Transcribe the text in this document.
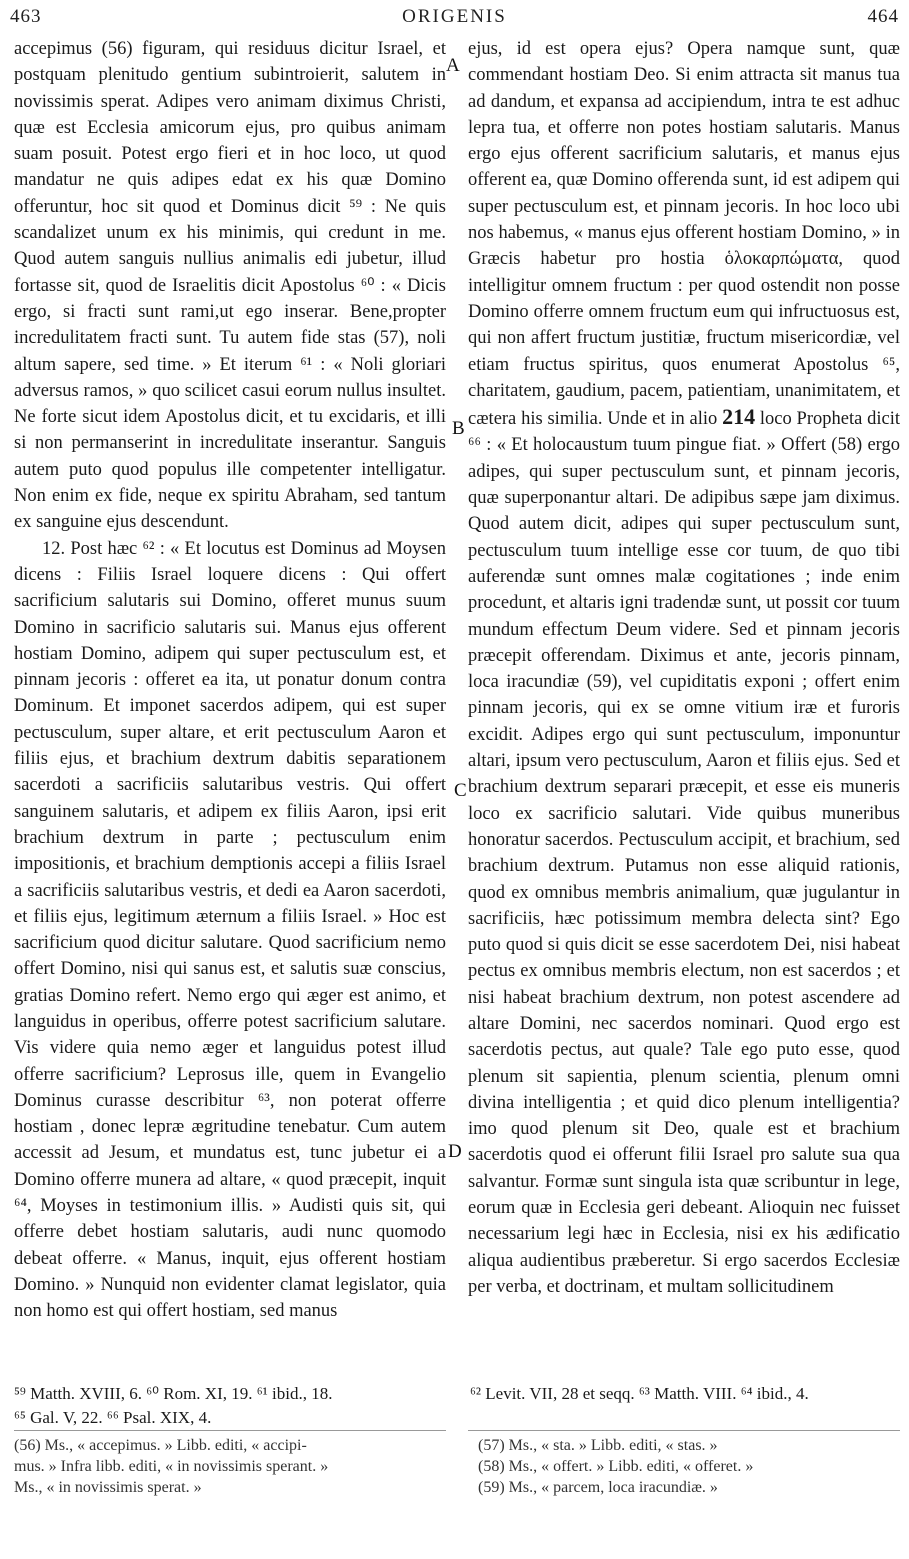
463	ORIGENIS	464

accepimus (56) figuram, qui residuus dicitur Israel, et postquam plenitudo gentium subintroierit, salutem in novissimis sperat. Adipes vero animam diximus Christi, quæ est Ecclesia amicorum ejus, pro quibus animam suam posuit. Potest ergo fieri et in hoc loco, ut quod mandatur ne quis adipes edat ex his quæ Domino offeruntur, hoc sit quod et Dominus dicit ⁵⁹ : Ne quis scandalizet unum ex his minimis, qui credunt in me. Quod autem sanguis nullius animalis edi jubetur, illud fortasse sit, quod de Israelitis dicit Apostolus ⁶⁰ : « Dicis ergo, si fracti sunt rami,ut ego inserar. Bene,propter incredulitatem fracti sunt. Tu autem fide stas (57), noli altum sapere, sed time. » Et iterum ⁶¹ : « Noli gloriari adversus ramos, » quo scilicet casui eorum nullus insultet. Ne forte sicut idem Apostolus dicit, et tu excidaris, et illi si non permanserint in incredulitate inserantur. Sanguis autem puto quod populus ille competenter intelligatur. Non enim ex fide, neque ex spiritu Abraham, sed tantum ex sanguine ejus descendunt.

12. Post hæc ⁶² : « Et locutus est Dominus ad Moysen dicens : Filiis Israel loquere dicens : Qui offert sacrificium salutaris sui Domino, offeret munus suum Domino in sacrificio salutaris sui. Manus ejus offerent hostiam Domino, adipem qui super pectusculum est, et pinnam jecoris : offeret ea ita, ut ponatur donum contra Dominum. Et imponet sacerdos adipem, qui est super pectusculum, super altare, et erit pectusculum Aaron et filiis ejus, et brachium dextrum dabitis separationem sacerdoti a sacrificiis salutaribus vestris. Qui offert sanguinem salutaris, et adipem ex filiis Aaron, ipsi erit brachium dextrum in parte ; pectusculum enim impositionis, et brachium demptionis accepi a filiis Israel a sacrificiis salutaribus vestris, et dedi ea Aaron sacerdoti, et filiis ejus, legitimum æternum a filiis Israel. » Hoc est sacrificium quod dicitur salutare. Quod sacrificium nemo offert Domino, nisi qui sanus est, et salutis suæ conscius, gratias Domino refert. Nemo ergo qui æger est animo, et languidus in operibus, offerre potest sacrificium salutare. Vis videre quia nemo æger et languidus potest illud offerre sacrificium? Leprosus ille, quem in Evangelio Dominus curasse describitur ⁶³, non poterat offerre hostiam , donec lepræ ægritudine tenebatur. Cum autem accessit ad Jesum, et mundatus est, tunc jubetur ei a Domino offerre munera ad altare, « quod præcepit, inquit ⁶⁴, Moyses in testimonium illis. » Audisti quis sit, qui offerre debet hostiam salutaris, audi nunc quomodo debeat offerre. « Manus, inquit, ejus offerent hostiam Domino. » Nunquid non evidenter clamat legislator, quia non homo est qui offert hostiam, sed manus

ejus, id est opera ejus? Opera namque sunt, quæ commendant hostiam Deo. Si enim attracta sit manus tua ad dandum, et expansa ad accipiendum, intra te est adhuc lepra tua, et offerre non potes hostiam salutaris. Manus ergo ejus offerent sacrificium salutaris, et manus ejus offerent ea, quæ Domino offerenda sunt, id est adipem qui super pectusculum est, et pinnam jecoris. In hoc loco ubi nos habemus, « manus ejus offerent hostiam Domino, » in Græcis habetur pro hostia ὁλοκαρπώματα, quod intelligitur omnem fructum : per quod ostendit non posse Domino offerre omnem fructum eum qui infructuosus est, qui non affert fructum justitiæ, fructum misericordiæ, vel etiam fructus spiritus, quos enumerat Apostolus ⁶⁵, charitatem, gaudium, pacem, patientiam, unanimitatem, et cætera his similia. Unde et in alio 214 loco Propheta dicit ⁶⁶ : « Et holocaustum tuum pingue fiat. » Offert (58) ergo adipes, qui super pectusculum sunt, et pinnam jecoris, quæ superponantur altari. De adipibus sæpe jam diximus. Quod autem dicit, adipes qui super pectusculum sunt, pectusculum tuum intellige esse cor tuum, de quo tibi auferendæ sunt omnes malæ cogitationes ; inde enim procedunt, et altaris igni tradendæ sunt, ut possit cor tuum mundum effectum Deum videre. Sed et pinnam jecoris præcepit offerendam. Diximus et ante, jecoris pinnam, loca iracundiæ (59), vel cupiditatis exponi ; offert enim pinnam jecoris, qui ex se omne vitium iræ et furoris excidit. Adipes ergo qui sunt pectusculum, imponuntur altari, ipsum vero pectusculum, Aaron et filiis ejus. Sed et brachium dextrum separari præcepit, et esse eis muneris loco ex sacrificio salutari. Vide quibus muneribus honoratur sacerdos. Pectusculum accipit, et brachium, sed brachium dextrum. Putamus non esse aliquid rationis, quod ex omnibus membris animalium, quæ jugulantur in sacrificiis, hæc potissimum membra delecta sint? Ego puto quod si quis dicit se esse sacerdotem Dei, nisi habeat pectus ex omnibus membris electum, non est sacerdos ; et nisi habeat brachium dextrum, non potest ascendere ad altare Domini, nec sacerdos nominari. Quod ergo est sacerdotis pectus, aut quale? Tale ego puto esse, quod plenum sit sapientia, plenum scientia, plenum omni divina intelligentia ; et quid dico plenum intelligentia? imo quod plenum sit Deo, quale est et brachium sacerdotis quod ei offerunt filii Israel pro salute sua qua salvantur. Formæ sunt singula ista quæ scribuntur in lege, eorum quæ in Ecclesia geri debeant. Alioquin nec fuisset necessarium legi hæc in Ecclesia, nisi ex his ædificatio aliqua audientibus præberetur. Si ergo sacerdos Ecclesiæ per verba, et doctrinam, et multam sollicitudinem

A
B
C
D
⁵⁹ Matth. XVIII, 6. ⁶⁰ Rom. XI, 19. ⁶¹ ibid., 18.
⁶⁵ Gal. V, 22. ⁶⁶ Psal. XIX, 4.
⁶² Levit. VII, 28 et seqq. ⁶³ Matth. VIII. ⁶⁴ ibid., 4.
(56) Ms., « accepimus. » Libb. editi, « accipi-
mus. » Infra libb. editi, « in novissimis sperant. »
Ms., « in novissimis sperat. »
(57) Ms., « sta. » Libb. editi, « stas. »
(58) Ms., « offert. » Libb. editi, « offeret. »
(59) Ms., « parcem, loca iracundiæ. »
